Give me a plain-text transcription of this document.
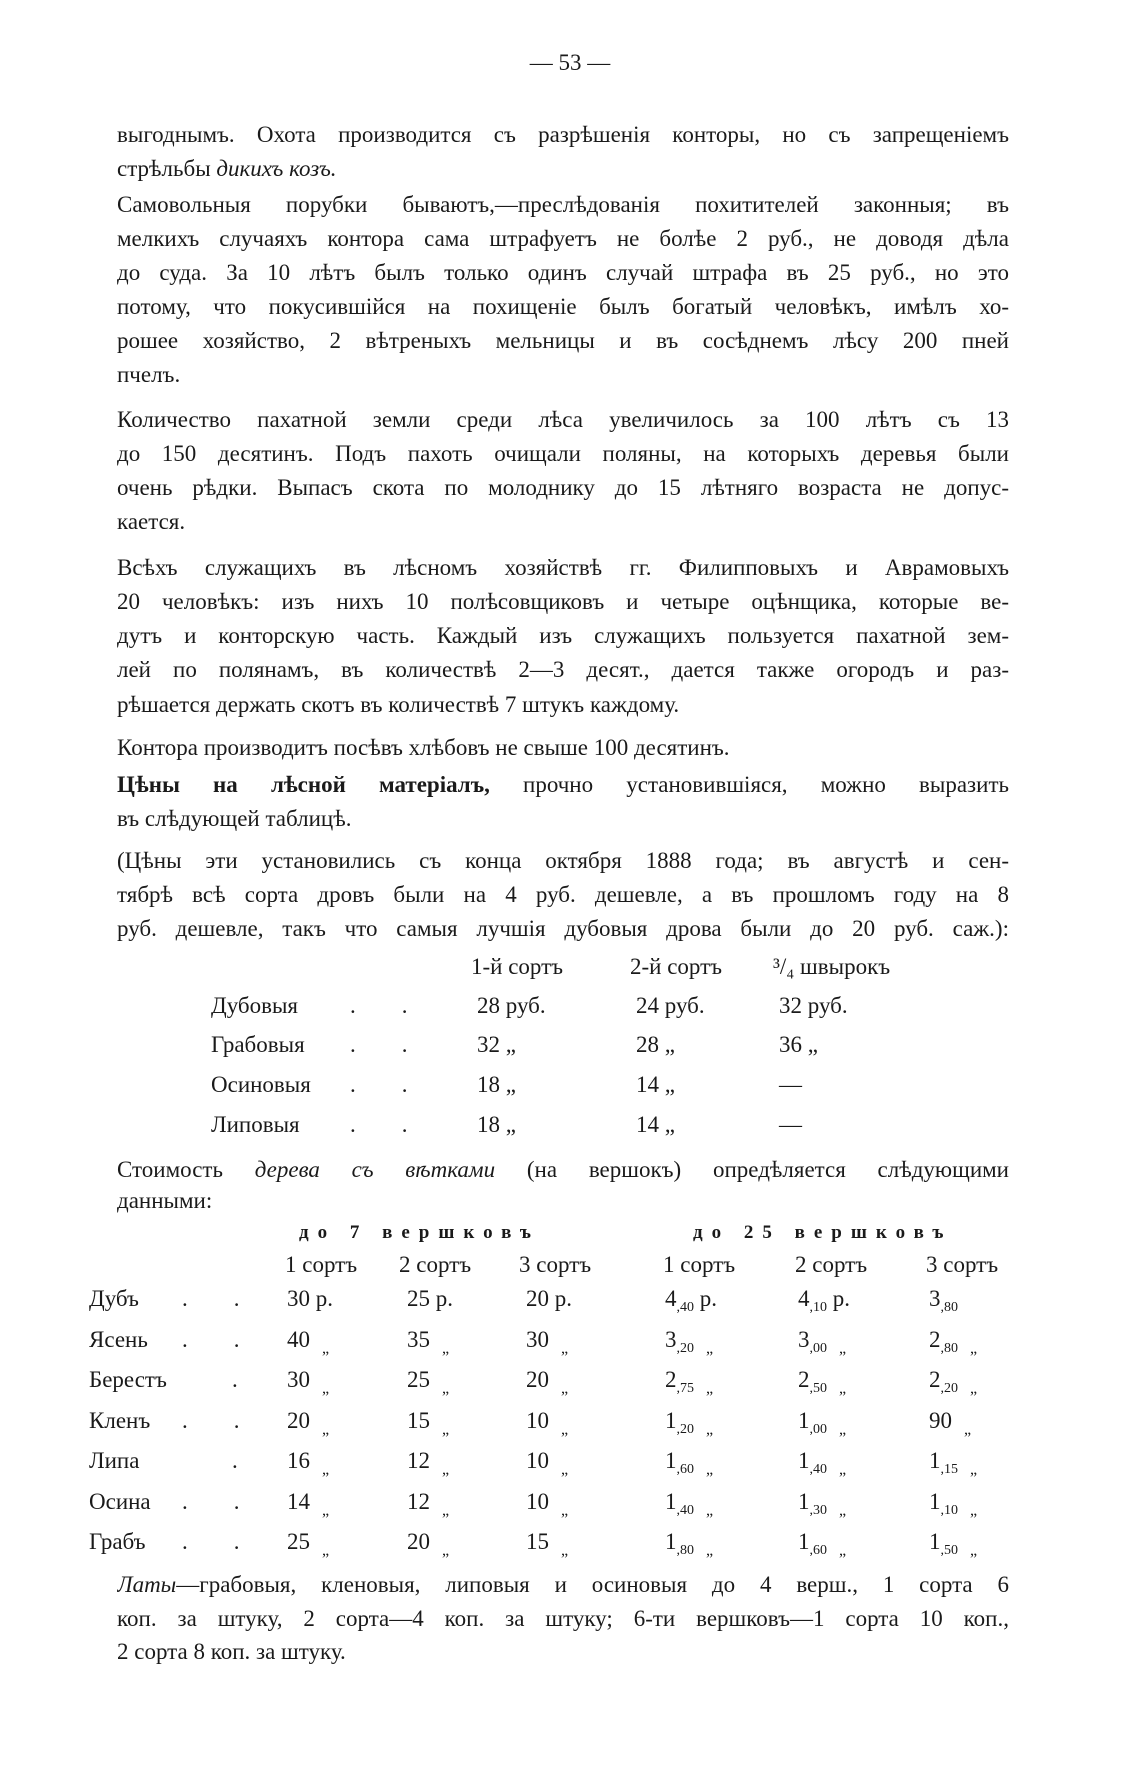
— 53 —
выгоднымъ. Охота производится съ разрѣшенія конторы, но съ запрещеніемъ
стрѣльбы дикихъ козъ.
Самовольныя порубки бываютъ,—преслѣдованія похитителей законныя; въ
мелкихъ случаяхъ контора сама штрафуетъ не болѣе 2 руб., не доводя дѣла
до суда. За 10 лѣтъ былъ только одинъ случай штрафа въ 25 руб., но это
потому, что покусившійся на похищеніе былъ богатый человѣкъ, имѣлъ хо-
рошее хозяйство, 2 вѣтреныхъ мельницы и въ сосѣднемъ лѣсу 200 пней
пчелъ.
Количество пахатной земли среди лѣса увеличилось за 100 лѣтъ съ 13
до 150 десятинъ. Подъ пахоть очищали поляны, на которыхъ деревья были
очень рѣдки. Выпасъ скота по молоднику до 15 лѣтняго возраста не допус-
кается.
Всѣхъ служащихъ въ лѣсномъ хозяйствѣ гг. Филипповыхъ и Аврамовыхъ
20 человѣкъ: изъ нихъ 10 полѣсовщиковъ и четыре оцѣнщика, которые ве-
дутъ и конторскую часть. Каждый изъ служащихъ пользуется пахатной зем-
лей по полянамъ, въ количествѣ 2—3 десят., дается также огородъ и раз-
рѣшается держать скотъ въ количествѣ 7 штукъ каждому.
Контора производитъ посѣвъ хлѣбовъ не свыше 100 десятинъ.
Цѣны на лѣсной матеріалъ, прочно установившіяся, можно выразить
въ слѣдующей таблицѣ.
(Цѣны эти установились съ конца октября 1888 года; въ августѣ и сен-
тябрѣ всѣ сорта дровъ были на 4 руб. дешевле, а въ прошломъ году на 8
руб. дешевле, такъ что самыя лучшія дубовыя дрова были до 20 руб. саж.):
Стоимость дерева съ вѣтками (на вершокъ) опредѣляется слѣдующими
данными:
Латы—грабовыя, кленовыя, липовыя и осиновыя до 4 верш., 1 сорта 6
коп. за штуку, 2 сорта—4 коп. за штуку; 6-ти вершковъ—1 сорта 10 коп.,
2 сорта 8 коп. за штуку.
1-й сортъ	2-й сортъ ³/₄ швырокъ
Дубовыя .  .	28 руб.	24 руб.	32 руб.
Грабовыя .  .	32 „	28 „	36 „
Осиновыя .  .	18 „	14 „	—
Липовыя .  .	18 „	14 „	—
до 7 вершковъ	до 25 вершковъ
1 сортъ 2 сортъ 3 сортъ	1 сортъ	2 сортъ	3 сортъ
Дубъ .  . 30 р.	25 р.	20 р.	$4_{,40}$ р.	$4_{,10}$ р.	$3_{,80}$
Ясень .  . 40 $_„$	35 $_„$	30 $_„$	$3_{,20}$ $_„$	$3_{,00}$ $_„$	$2_{,80}$ $_„$
Берестъ	. 30 $_„$	25 $_„$	20 $_„$	$2_{,75}$ $_„$	$2_{,50}$ $_„$	$2_{,20}$ $_„$
Кленъ .  . 20 $_„$	15 $_„$	10 $_„$	$1_{,20}$ $_„$	$1_{,00}$ $_„$	90 $_„$
Липа	. 16 $_„$	12 $_„$	10 $_„$	$1_{,60}$ $_„$	$1_{,40}$ $_„$	$1_{,15}$ $_„$
Осина .  . 14 $_„$	12 $_„$	10 $_„$	$1_{,40}$ $_„$	$1_{,30}$ $_„$	$1_{,10}$ $_„$
Грабъ .  . 25 $_„$	20 $_„$	15 $_„$	$1_{,80}$ $_„$	$1_{,60}$ $_„$	$1_{,50}$ $_„$
